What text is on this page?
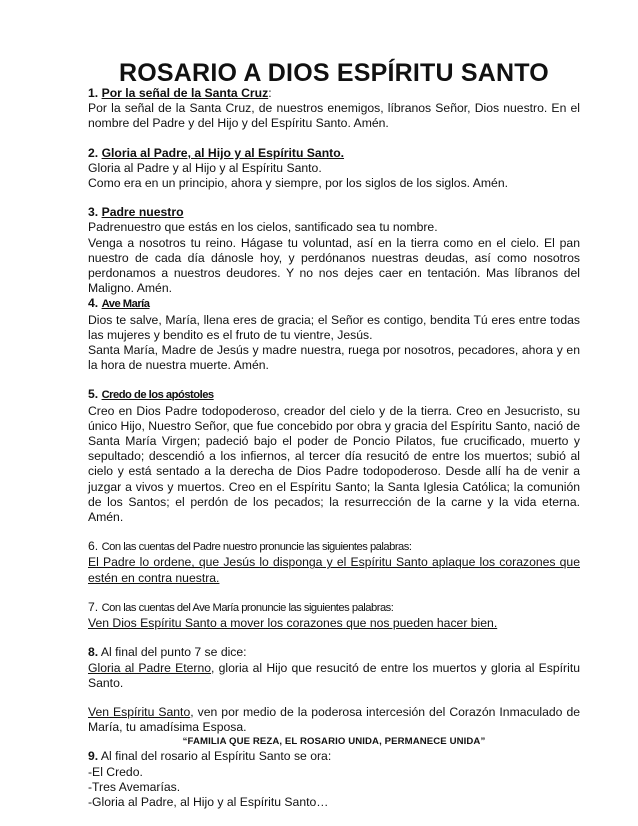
ROSARIO A DIOS ESPÍRITU SANTO

1. Por la señal de la Santa Cruz:

Por la señal de la Santa Cruz, de nuestros enemigos, líbranos Señor, Dios nuestro. En el nombre del Padre y del Hijo y del Espíritu Santo. Amén.

2. Gloria al Padre, al Hijo y al Espíritu Santo.

Gloria al Padre y al Hijo y al Espíritu Santo.

Como era en un principio, ahora y siempre, por los siglos de los siglos. Amén.

3. Padre nuestro

Padrenuestro que estás en los cielos, santificado sea tu nombre.

Venga a nosotros tu reino. Hágase tu voluntad, así en la tierra como en el cielo. El pan nuestro de cada día dánosle hoy, y perdónanos nuestras deudas, así como nosotros perdonamos a nuestros deudores. Y no nos dejes caer en tentación. Mas líbranos del Maligno. Amén.

4. Ave María

Dios te salve, María, llena eres de gracia; el Señor es contigo, bendita Tú eres entre todas las mujeres y bendito es el fruto de tu vientre, Jesús.

Santa María, Madre de Jesús y madre nuestra, ruega por nosotros, pecadores, ahora y en la hora de nuestra muerte. Amén.

5. Credo de los apóstoles

Creo en Dios Padre todopoderoso, creador del cielo y de la tierra. Creo en Jesucristo, su único Hijo, Nuestro Señor, que fue concebido por obra y gracia del Espíritu Santo, nació de Santa María Virgen; padeció bajo el poder de Poncio Pilatos, fue crucificado, muerto y sepultado; descendió a los infiernos, al tercer día resucitó de entre los muertos; subió al cielo y está sentado a la derecha de Dios Padre todopoderoso. Desde allí ha de venir a juzgar a vivos y muertos. Creo en el Espíritu Santo; la Santa Iglesia Católica; la comunión de los Santos; el perdón de los pecados; la resurrección de la carne y la vida eterna. Amén.

6. Con las cuentas del Padre nuestro pronuncie las siguientes palabras:

El Padre lo ordene, que Jesús lo disponga y el Espíritu Santo aplaque los corazones que estén en contra nuestra.

7. Con las cuentas del Ave María pronuncie las siguientes palabras:

Ven Dios Espíritu Santo a mover los corazones que nos pueden hacer bien.

8. Al final del punto 7 se dice:

Gloria al Padre Eterno, gloria al Hijo que resucitó de entre los muertos y gloria al Espíritu Santo.

Ven Espíritu Santo, ven por medio de la poderosa intercesión del Corazón Inmaculado de María, tu amadísima Esposa.

9. Al final del rosario al Espíritu Santo se ora:

-El Credo.

-Tres Avemarías.

-Gloria al Padre, al Hijo y al Espíritu Santo…

“FAMILIA QUE REZA, EL ROSARIO UNIDA, PERMANECE UNIDA”
